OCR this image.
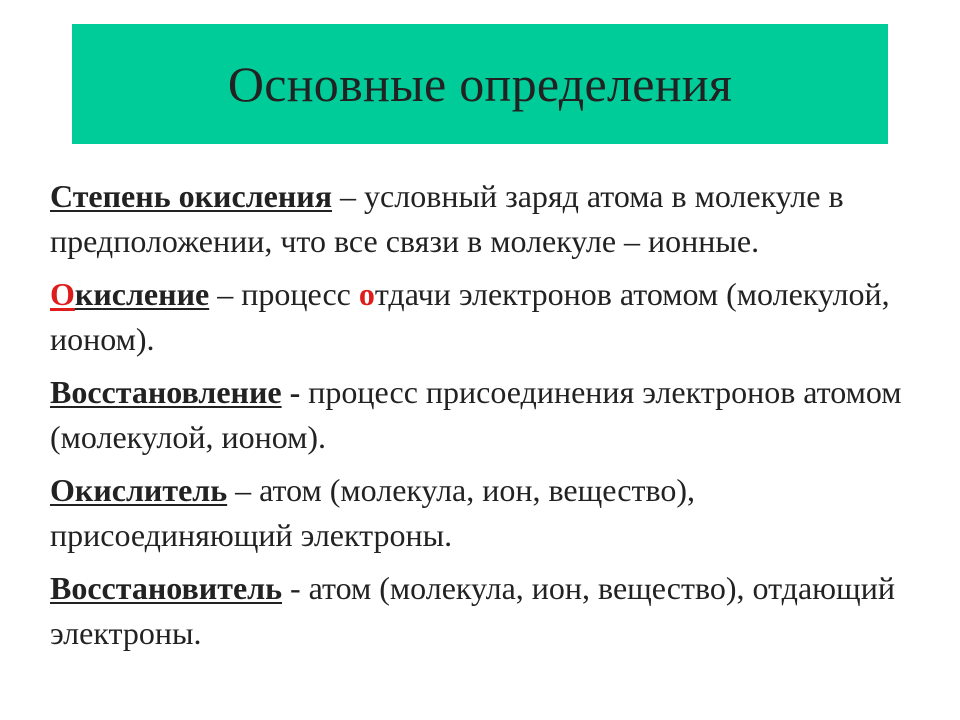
Основные определения

Степень окисления – условный заряд атома в молекуле в предположении, что все связи в молекуле – ионные.

Окисление – процесс отдачи электронов атомом (молекулой, ионом).

Восстановление - процесс присоединения электронов атомом (молекулой, ионом).

Окислитель – атом (молекула, ион, вещество), присоединяющий электроны.

Восстановитель - атом (молекула, ион, вещество), отдающий электроны.
